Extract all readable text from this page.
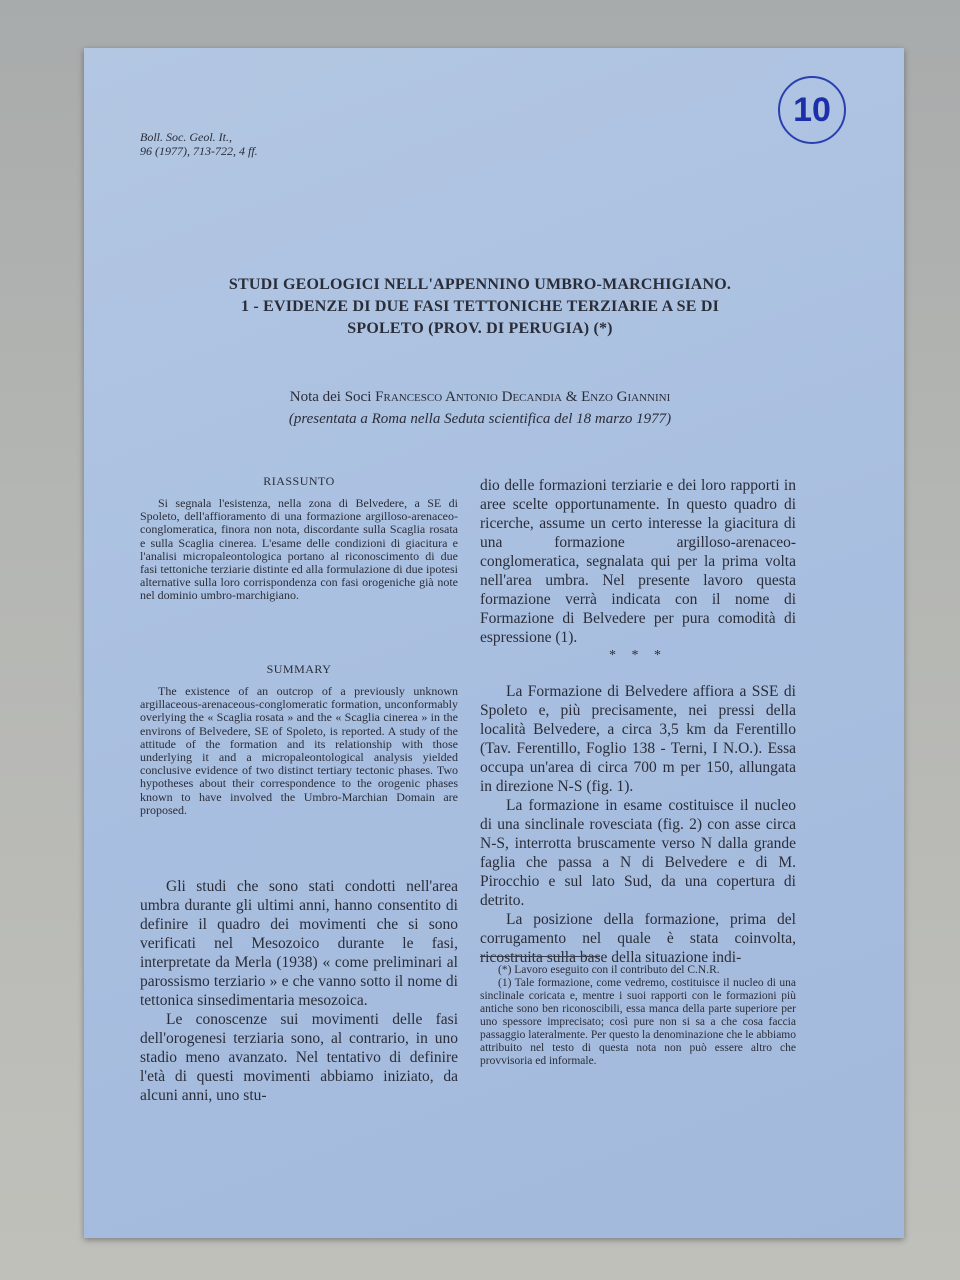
10
Boll. Soc. Geol. It.,
96 (1977), 713-722, 4 ff.
STUDI GEOLOGICI NELL'APPENNINO UMBRO-MARCHIGIANO.
1 - EVIDENZE DI DUE FASI TETTONICHE TERZIARIE A SE DI
SPOLETO (PROV. DI PERUGIA) (*)
Nota dei Soci Francesco Antonio Decandia & Enzo Giannini
(presentata a Roma nella Seduta scientifica del 18 marzo 1977)
RIASSUNTO
Si segnala l'esistenza, nella zona di Belvedere, a SE di Spoleto, dell'affioramento di una formazione argilloso-arenaceo-conglomeratica, finora non nota, discordante sulla Scaglia rosata e sulla Scaglia cinerea. L'esame delle condizioni di giacitura e l'analisi micropaleontologica portano al riconoscimento di due fasi tettoniche terziarie distinte ed alla formulazione di due ipotesi alternative sulla loro corrispondenza con fasi orogeniche già note nel dominio umbro-marchigiano.
SUMMARY
The existence of an outcrop of a previously unknown argillaceous-arenaceous-conglomeratic formation, unconformably overlying the « Scaglia rosata » and the « Scaglia cinerea » in the environs of Belvedere, SE of Spoleto, is reported. A study of the attitude of the formation and its relationship with those underlying it and a micropaleontological analysis yielded conclusive evidence of two distinct tertiary tectonic phases. Two hypotheses about their correspondence to the orogenic phases known to have involved the Umbro-Marchian Domain are proposed.

Gli studi che sono stati condotti nell'area umbra durante gli ultimi anni, hanno consentito di definire il quadro dei movimenti che si sono verificati nel Mesozoico durante le fasi, interpretate da Merla (1938) « come preliminari al parossismo terziario » e che vanno sotto il nome di tettonica sinsedimentaria mesozoica.

Le conoscenze sui movimenti delle fasi dell'orogenesi terziaria sono, al contrario, in uno stadio meno avanzato. Nel tentativo di definire l'età di questi movimenti abbiamo iniziato, da alcuni anni, uno stu-

dio delle formazioni terziarie e dei loro rapporti in aree scelte opportunamente. In questo quadro di ricerche, assume un certo interesse la giacitura di una formazione argilloso-arenaceo-conglomeratica, segnalata qui per la prima volta nell'area umbra. Nel presente lavoro questa formazione verrà indicata con il nome di Formazione di Belvedere per pura comodità di espressione (1).

* * *

La Formazione di Belvedere affiora a SSE di Spoleto e, più precisamente, nei pressi della località Belvedere, a circa 3,5 km da Ferentillo (Tav. Ferentillo, Foglio 138 - Terni, I N.O.). Essa occupa un'area di circa 700 m per 150, allungata in direzione N-S (fig. 1).

La formazione in esame costituisce il nucleo di una sinclinale rovesciata (fig. 2) con asse circa N-S, interrotta bruscamente verso N dalla grande faglia che passa a N di Belvedere e di M. Pirocchio e sul lato Sud, da una copertura di detrito.

La posizione della formazione, prima del corrugamento nel quale è stata coinvolta, ricostruita sulla base della situazione indi-

(*) Lavoro eseguito con il contributo del C.N.R.

(1) Tale formazione, come vedremo, costituisce il nucleo di una sinclinale coricata e, mentre i suoi rapporti con le formazioni più antiche sono ben riconoscibili, essa manca della parte superiore per uno spessore imprecisato; così pure non si sa a che cosa faccia passaggio lateralmente. Per questo la denominazione che le abbiamo attribuito nel testo di questa nota non può essere altro che provvisoria ed informale.
